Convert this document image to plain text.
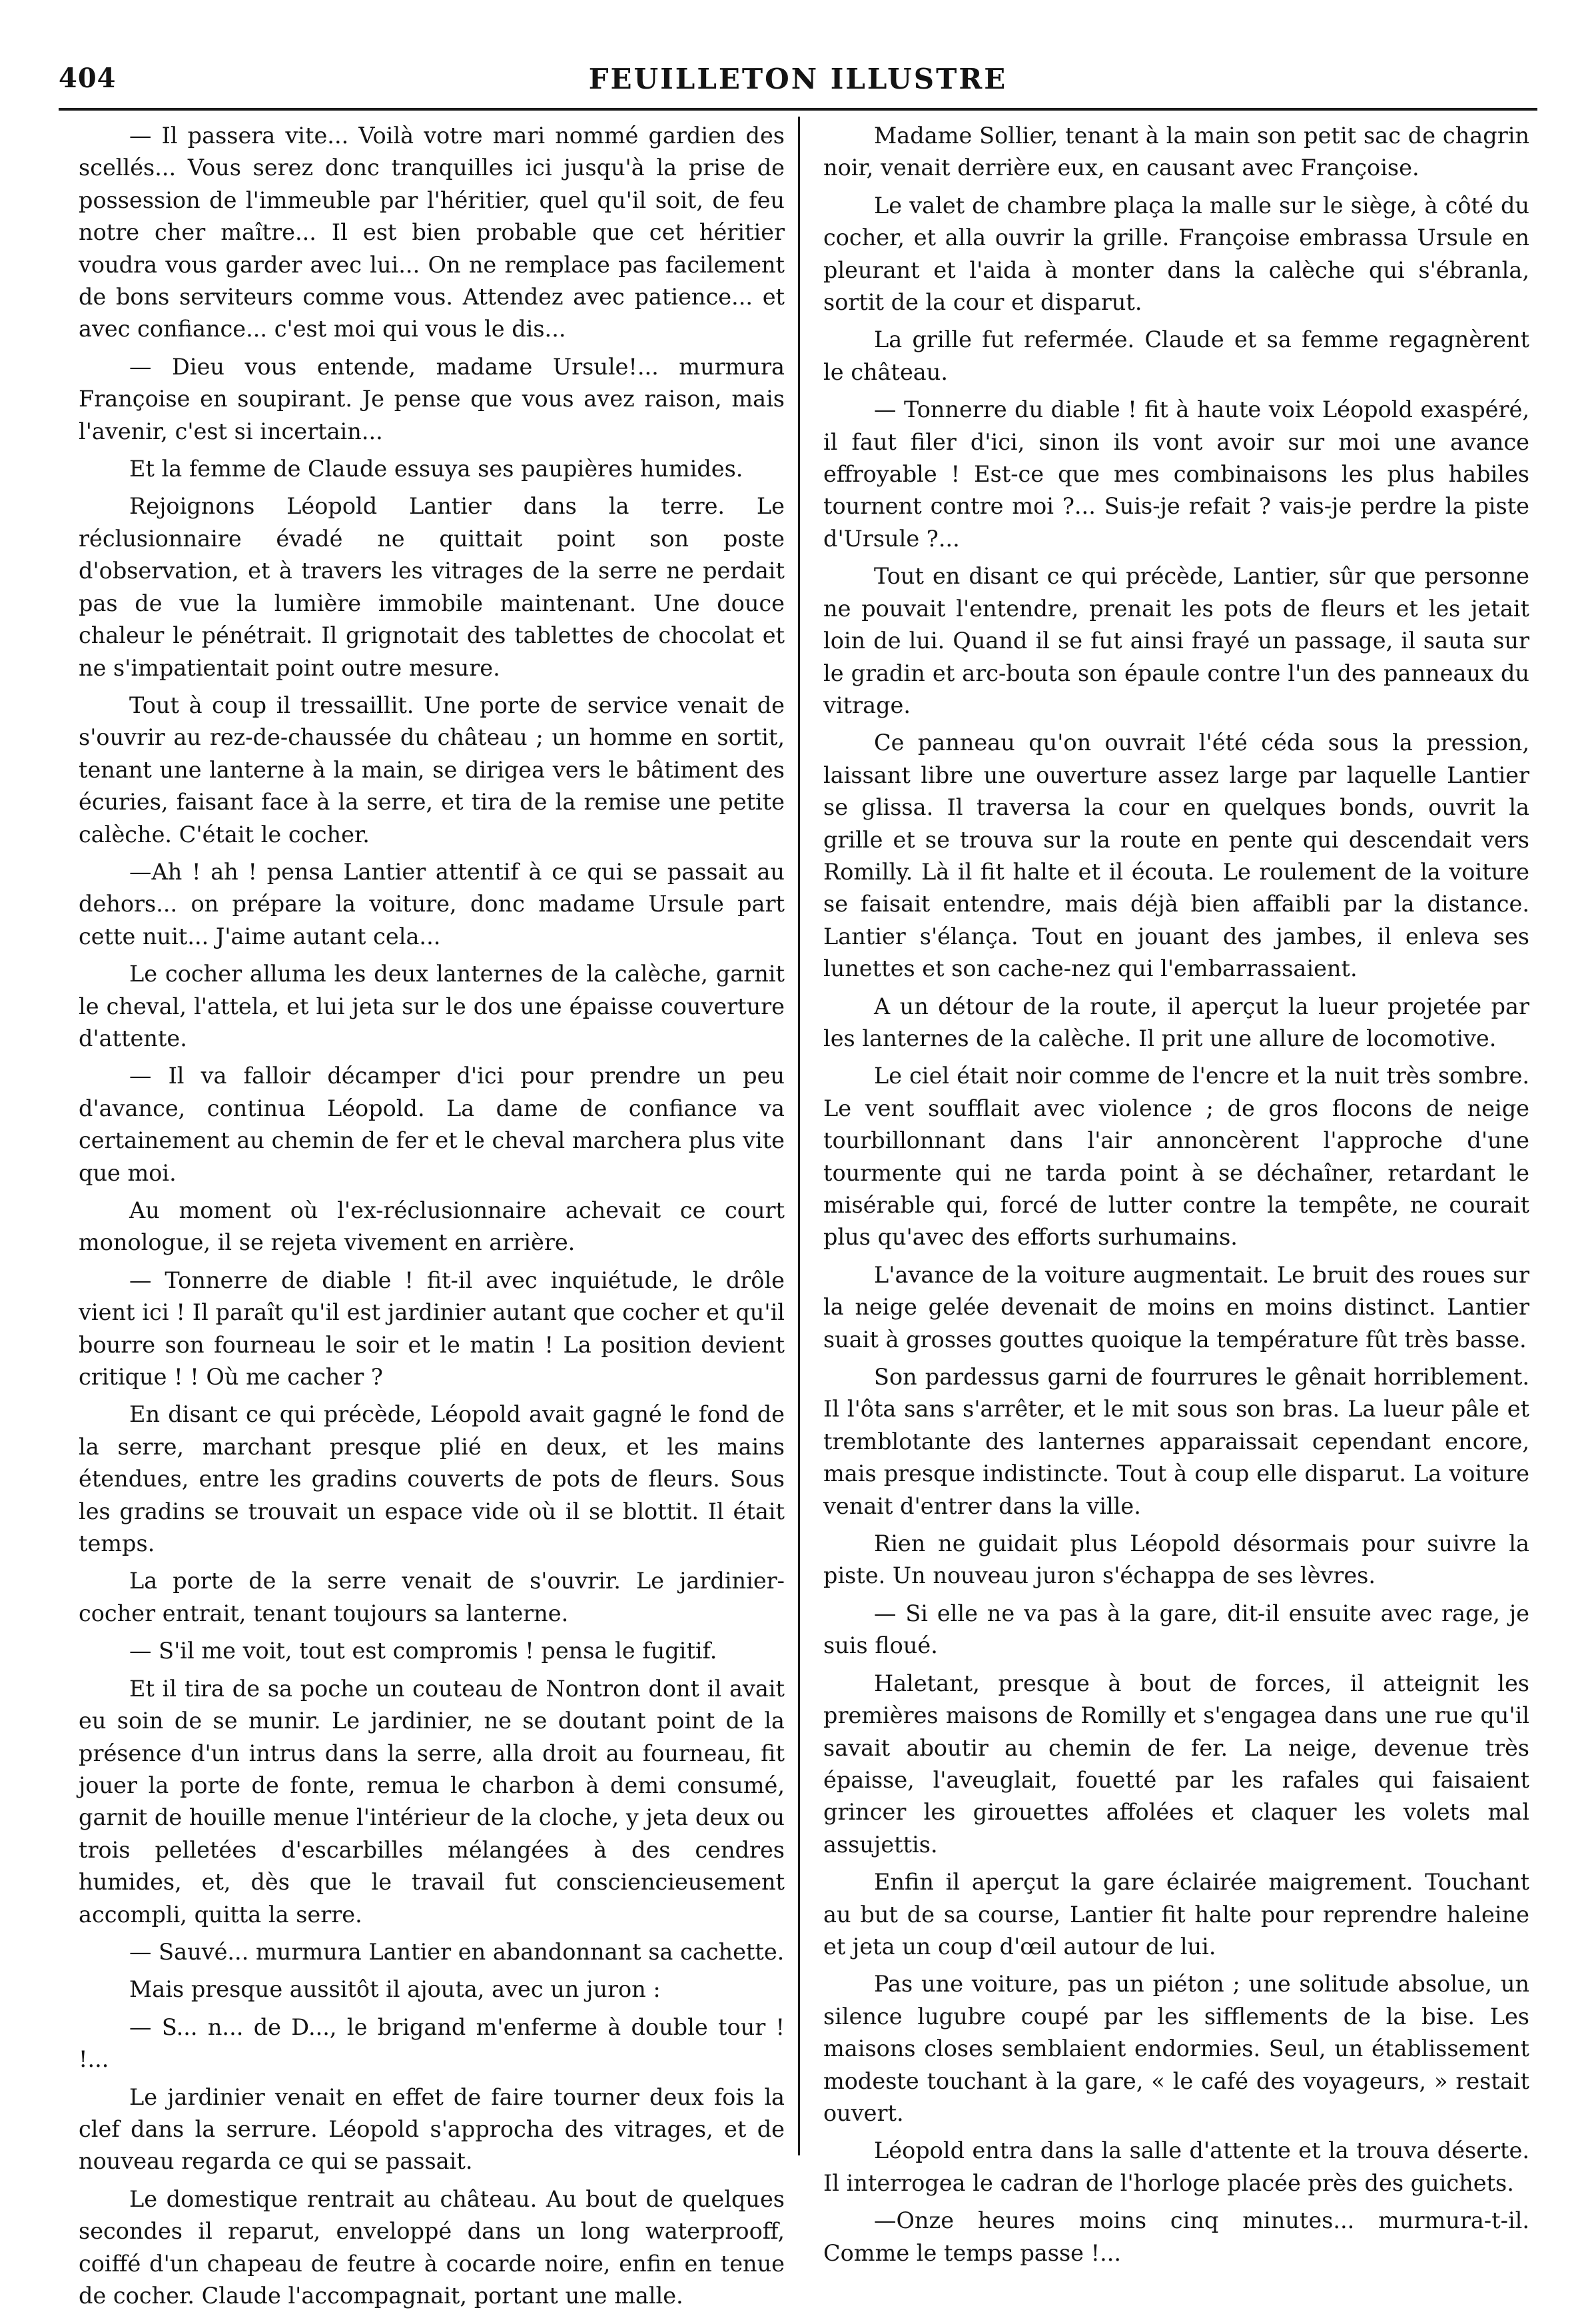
404	FEUILLETON ILLUSTRE

— Il passera vite... Voilà votre mari nommé gardien des scellés... Vous serez donc tranquilles ici jusqu'à la prise de possession de l'immeuble par l'héritier, quel qu'il soit, de feu notre cher maître... Il est bien probable que cet héritier voudra vous garder avec lui... On ne remplace pas facilement de bons serviteurs comme vous. Attendez avec patience... et avec confiance... c'est moi qui vous le dis...

— Dieu vous entende, madame Ursule!... murmura Françoise en soupirant. Je pense que vous avez raison, mais l'avenir, c'est si incertain...

Et la femme de Claude essuya ses paupières humides.

Rejoignons Léopold Lantier dans la terre. Le réclusionnaire évadé ne quittait point son poste d'observation, et à travers les vitrages de la serre ne perdait pas de vue la lumière immobile maintenant. Une douce chaleur le pénétrait. Il grignotait des tablettes de chocolat et ne s'impatientait point outre mesure.

Tout à coup il tressaillit. Une porte de service venait de s'ouvrir au rez-de-chaussée du château ; un homme en sortit, tenant une lanterne à la main, se dirigea vers le bâtiment des écuries, faisant face à la serre, et tira de la remise une petite calèche. C'était le cocher.

—Ah ! ah ! pensa Lantier attentif à ce qui se passait au dehors... on prépare la voiture, donc madame Ursule part cette nuit... J'aime autant cela...

Le cocher alluma les deux lanternes de la calèche, garnit le cheval, l'attela, et lui jeta sur le dos une épaisse couverture d'attente.

— Il va falloir décamper d'ici pour prendre un peu d'avance, continua Léopold. La dame de confiance va certainement au chemin de fer et le cheval marchera plus vite que moi.

Au moment où l'ex-réclusionnaire achevait ce court monologue, il se rejeta vivement en arrière.

— Tonnerre de diable ! fit-il avec inquiétude, le drôle vient ici ! Il paraît qu'il est jardinier autant que cocher et qu'il bourre son fourneau le soir et le matin ! La position devient critique ! ! Où me cacher ?

En disant ce qui précède, Léopold avait gagné le fond de la serre, marchant presque plié en deux, et les mains étendues, entre les gradins couverts de pots de fleurs. Sous les gradins se trouvait un espace vide où il se blottit. Il était temps.

La porte de la serre venait de s'ouvrir. Le jardinier-cocher entrait, tenant toujours sa lanterne.

— S'il me voit, tout est compromis ! pensa le fugitif.

Et il tira de sa poche un couteau de Nontron dont il avait eu soin de se munir. Le jardinier, ne se doutant point de la présence d'un intrus dans la serre, alla droit au fourneau, fit jouer la porte de fonte, remua le charbon à demi consumé, garnit de houille menue l'intérieur de la cloche, y jeta deux ou trois pelletées d'escarbilles mélangées à des cendres humides, et, dès que le travail fut consciencieusement accompli, quitta la serre.

— Sauvé... murmura Lantier en abandonnant sa cachette.

Mais presque aussitôt il ajouta, avec un juron :

— S... n... de D..., le brigand m'enferme à double tour ! !...

Le jardinier venait en effet de faire tourner deux fois la clef dans la serrure. Léopold s'approcha des vitrages, et de nouveau regarda ce qui se passait.

Le domestique rentrait au château. Au bout de quelques secondes il reparut, enveloppé dans un long waterprooff, coiffé d'un chapeau de feutre à cocarde noire, enfin en tenue de cocher. Claude l'accompagnait, portant une malle.

Madame Sollier, tenant à la main son petit sac de chagrin noir, venait derrière eux, en causant avec Françoise.

Le valet de chambre plaça la malle sur le siège, à côté du cocher, et alla ouvrir la grille. Françoise embrassa Ursule en pleurant et l'aida à monter dans la calèche qui s'ébranla, sortit de la cour et disparut.

La grille fut refermée. Claude et sa femme regagnèrent le château.

— Tonnerre du diable ! fit à haute voix Léopold exaspéré, il faut filer d'ici, sinon ils vont avoir sur moi une avance effroyable ! Est-ce que mes combinaisons les plus habiles tournent contre moi ?... Suis-je refait ? vais-je perdre la piste d'Ursule ?...

Tout en disant ce qui précède, Lantier, sûr que personne ne pouvait l'entendre, prenait les pots de fleurs et les jetait loin de lui. Quand il se fut ainsi frayé un passage, il sauta sur le gradin et arc-bouta son épaule contre l'un des panneaux du vitrage.

Ce panneau qu'on ouvrait l'été céda sous la pression, laissant libre une ouverture assez large par laquelle Lantier se glissa. Il traversa la cour en quelques bonds, ouvrit la grille et se trouva sur la route en pente qui descendait vers Romilly. Là il fit halte et il écouta. Le roulement de la voiture se faisait entendre, mais déjà bien affaibli par la distance. Lantier s'élança. Tout en jouant des jambes, il enleva ses lunettes et son cache-nez qui l'embarrassaient.

A un détour de la route, il aperçut la lueur projetée par les lanternes de la calèche. Il prit une allure de locomotive.

Le ciel était noir comme de l'encre et la nuit très sombre. Le vent soufflait avec violence ; de gros flocons de neige tourbillonnant dans l'air annoncèrent l'approche d'une tourmente qui ne tarda point à se déchaîner, retardant le misérable qui, forcé de lutter contre la tempête, ne courait plus qu'avec des efforts surhumains.

L'avance de la voiture augmentait. Le bruit des roues sur la neige gelée devenait de moins en moins distinct. Lantier suait à grosses gouttes quoique la température fût très basse.

Son pardessus garni de fourrures le gênait horriblement. Il l'ôta sans s'arrêter, et le mit sous son bras. La lueur pâle et tremblotante des lanternes apparaissait cependant encore, mais presque indistincte. Tout à coup elle disparut. La voiture venait d'entrer dans la ville.

Rien ne guidait plus Léopold désormais pour suivre la piste. Un nouveau juron s'échappa de ses lèvres.

— Si elle ne va pas à la gare, dit-il ensuite avec rage, je suis floué.

Haletant, presque à bout de forces, il atteignit les premières maisons de Romilly et s'engagea dans une rue qu'il savait aboutir au chemin de fer. La neige, devenue très épaisse, l'aveuglait, fouetté par les rafales qui faisaient grincer les girouettes affolées et claquer les volets mal assujettis.

Enfin il aperçut la gare éclairée maigrement. Touchant au but de sa course, Lantier fit halte pour reprendre haleine et jeta un coup d'œil autour de lui.

Pas une voiture, pas un piéton ; une solitude absolue, un silence lugubre coupé par les sifflements de la bise. Les maisons closes semblaient endormies. Seul, un établissement modeste touchant à la gare, « le café des voyageurs, » restait ouvert.

Léopold entra dans la salle d'attente et la trouva déserte. Il interrogea le cadran de l'horloge placée près des guichets.

—Onze heures moins cinq minutes... murmura-t-il. Comme le temps passe !...
